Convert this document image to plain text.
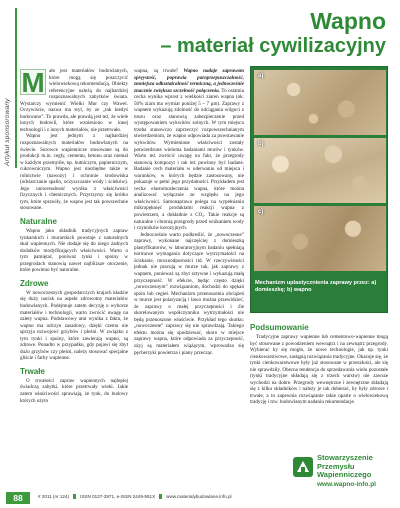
Artykuł sponsorowany
Wapno
– materiał cywilizacyjny

M ało jest materiałów budowlanych, które mogą się poszczycić wielowiekową rekomendacją. Obiekty referencyjne należą do najbardziej rozpoznawalnych zabytków świata. Wystarczy wymienić Wielki Mur czy Wawel. Oczywiście, nazwa ma styl, by ze „tak kiedyś budowano”. To prawda, ale prawdą jest też, że wiele innych budowli, które wzniesiono w innej technologii i z innych materiałów, nie przetrwało.

Wapno jest jednym z najbardziej rozpoznawalnych materiałów budowlanych na świecie. Surowce wapiennicze stosowane są do produkcji m.in. cegły, cementu, betonu oraz niemal w każdym przemyśle, np. hutniczym, papierniczym, cukrowniczym. Wapno jest niezbędne także w rolnictwie (nawozy) i ochronie środowiska (odsiarczanie spalin, oczyszczanie wody i ścieków). Jego uniwersalność wynika z właściwości fizycznych i chemicznych. Przytrzymy się krótko tym, które sprawiły, że wapno jest tak powszechnie stosowane.

Naturalne

Wapno jako składnik tradycyjnych zapraw tynkarskich i murarskich powstaje z naturalnych skał wapiennych. Nie dodaje się do niego żadnych dodatków modyfikujących właściwości. Warto o tym pamiętać, poniważ tynki i spoiny w przegrodach stanowią nawet najbliższe otoczenie, które powinno być naturalne.

Zdrowe

W nowoczesnych gospodarczych krajach kładzie się duży nacisk na aspekt zdrowotny materiałów budowlanych. Podejmuje zatem decyzję o wyborze materiałów i technologii, warto zwrócić uwagę na zalety wapna. Podstawowy atut wynika z faktu, że wapno ma odczyn zasadowy, dzięki czemu nie sprzyja rozwojowi grzybów i pleśni. W związku z tym tynki i spoiny, które zawierają wapno, są zdrowe. Ponadto w przypadku, gdy pojawi się zbyt dużo grzybów czy pleśni, należy stosować specjalne gliście i farby wapienne.

Trwałe

O trwałości zapraw wapiennych najlepiej świadczą zabytki, które przetrwały wieki. Jakie zatem właściwości sprawiają, że tynk, do budowy których użyto

wapna, są trwałe? Wapno nadaje zaprawom spręystość, poprawia paroprzepuszczalność, zmniejsza odkształcalność termiczną, a jednocześnie znacznie zwiększa szczelność połączenia. To ostatnia cecha wynika wprost z wielkości ziaren wapna (ok. 50% ziarn ma wymiar poniżej 5 – 7 µm). Zaprawy z wapnem wykazują zdolność do odciągania wilgoci z muru oraz stanowią zabezpieczenie przed występowaniem wykwitów solnych. W tym miejscu trzeba stanowczo zaprzeczyć rozpowszechnianym stwierdzeniom, że wapno odpowiada za powstawanie wykwitów. Wymienione właściwości zostały potwierdzone wieloma badaniami murów i tynków. Warto też zwrócić uwagę na fakt, że przegrody stanowią kompozyt i tak też powinny być badane. Badanie cech materiału w oderwaniu od miejsca i warunków, w których będzie zastosowany, nie pokazuje w pełni jego przydatności. Przykładem jest cecha elastomosleczenia wapna, które można analizować wyłącznie ze względu na jego właściwości. Samonaprawa polega na wypełnianiu mikropęknięć produktami reakcji wapna z powietrzem, a dokładnie z CO₂. Takie reakcje są naturalne i chronią przegrody przed wnikaniem wody i czynników korozyjnych.

Jednocześnie warto podkreślić, że „nowoczesne” zaprawy, wykonane najczęściej z domieszką plastyfikatorów, w laboratoryjnym badaniu spełniają normowe wymagania dotyczące wytrzymałości na ściskanie, mrozoodporności itd. W rzeczywistości jednak nie pracują w murze tak, jak zaprawy z wapnem, ponieważ są zbyt sztywne i wykazują małą przyczepność. W efekcie, będąc często dzięki „nowoczesnym” rozwiązaniom, dochodzi do spękań spoin lub cegieł. Mechanizm przenoszenia obciążeń w murze jest polaryzacją i ławo można przewidzieć, że zaprawy o małej przyczepności i źle skorelowanym współczynniku wytrzymałości nie będą przenoszone właściwie. Przykład tego skutku: „nowoczesne” zaprawy się nie sprawdzają. Takiego efektu można się spodziewać, skoro w miejsce zaprawy wapna, które odpowiada za przyczepność, użyj są materiałem wiążącym, wprowadza się pęcherzyki powietrza i piany przecząc.

a)
b)
c)
Mechanizm uplastycznienia zaprawy przez: a) domieszkę; b) wapno
Podsumowanie

Tradycyjne zaprawy wapienne lub cementowo-wapienne mogą być stosowane z powodzeniem wewnątrz i na zewnątrz przegrody. Wybierać by się mogło, że nowe technologie, jak np. tynki cienkowarstwowe, zastąpią rozwiązania tradycyjne. Okazuje się, że tynki cienkowarstwowe były już stosowane w przeszłości, ale się nie sprawdziły. Obecna tendencja do sprzedawania wielu pozostałe (tynki tradycyjne składają się z trzech warstw) nie zawsze wychodzi na dobre. Przegrody wewnętrzne i zewnętrzne składają się z kilku składników i należy je tak dobierać, by były zdrowe i trwałe, a to zapewnia rozwiązanie takie oparte o wielowiekową tradycję i tzw. budowlanym nadaniu rekomendacje.

Stowarzyszenie
Przemysłu
Wapienniczego
www.wapno-info.pl
88	# 2011 (nr 124) ISSN 0137-2971, e-ISSN 2449-951X www.materialybudowlane.info.pl
